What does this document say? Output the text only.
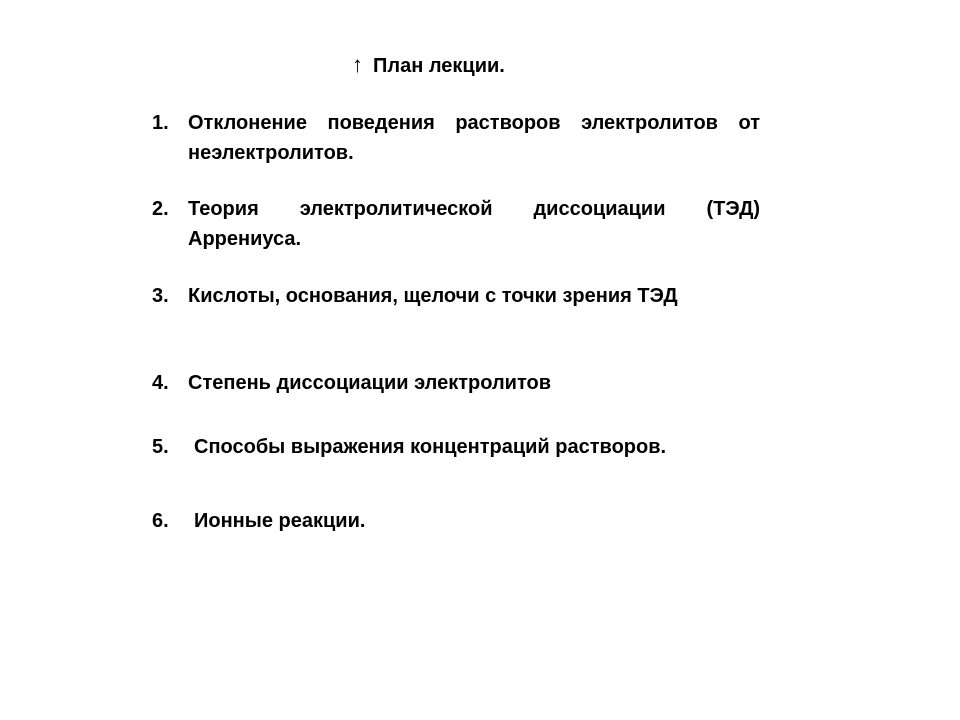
↑ План лекции.
1. Отклонение поведения растворов электролитов от неэлектролитов.
2. Теория электролитической диссоциации (ТЭД) Аррениуса.
3. Кислоты, основания, щелочи с точки зрения ТЭД
4. Степень диссоциации электролитов
5. Способы выражения концентраций растворов.
6. Ионные реакции.
